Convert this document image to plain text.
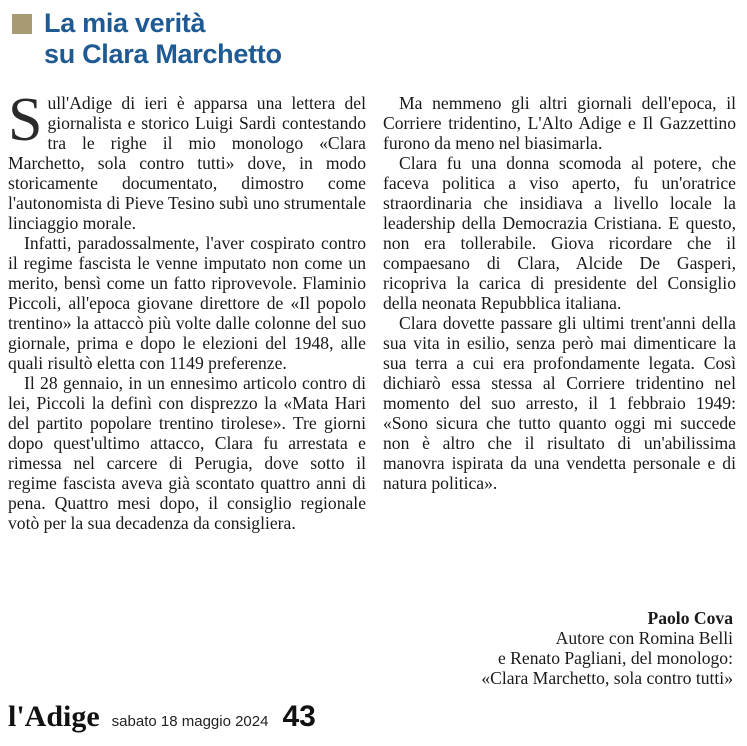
La mia verità
su Clara Marchetto

Sull'Adige di ieri è apparsa una lettera del giornalista e storico Luigi Sardi contestando tra le righe il mio monologo «Clara Marchetto, sola contro tutti» dove, in modo storicamente documentato, dimostro come l'autonomista di Pieve Tesino subì uno strumentale linciaggio morale.

Infatti, paradossalmente, l'aver cospirato contro il regime fascista le venne imputato non come un merito, bensì come un fatto riprovevole. Flaminio Piccoli, all'epoca giovane direttore de «Il popolo trentino» la attaccò più volte dalle colonne del suo giornale, prima e dopo le elezioni del 1948, alle quali risultò eletta con 1149 preferenze.

Il 28 gennaio, in un ennesimo articolo contro di lei, Piccoli la definì con disprezzo la «Mata Hari del partito popolare trentino tirolese». Tre giorni dopo quest'ultimo attacco, Clara fu arrestata e rimessa nel carcere di Perugia, dove sotto il regime fascista aveva già scontato quattro anni di pena. Quattro mesi dopo, il consiglio regionale votò per la sua decadenza da consigliera.

Ma nemmeno gli altri giornali dell'epoca, il Corriere tridentino, L'Alto Adige e Il Gazzettino furono da meno nel biasimarla.

Clara fu una donna scomoda al potere, che faceva politica a viso aperto, fu un'oratrice straordinaria che insidiava a livello locale la leadership della Democrazia Cristiana. E questo, non era tollerabile. Giova ricordare che il compaesano di Clara, Alcide De Gasperi, ricopriva la carica di presidente del Consiglio della neonata Repubblica italiana.

Clara dovette passare gli ultimi trent'anni della sua vita in esilio, senza però mai dimenticare la sua terra a cui era profondamente legata. Così dichiarò essa stessa al Corriere tridentino nel momento del suo arresto, il 1 febbraio 1949: «Sono sicura che tutto quanto oggi mi succede non è altro che il risultato di un'abilissima manovra ispirata da una vendetta personale e di natura politica».

Paolo Cova
Autore con Romina Belli
e Renato Pagliani, del monologo:
«Clara Marchetto, sola contro tutti»
l'Adige sabato 18 maggio 2024 43
